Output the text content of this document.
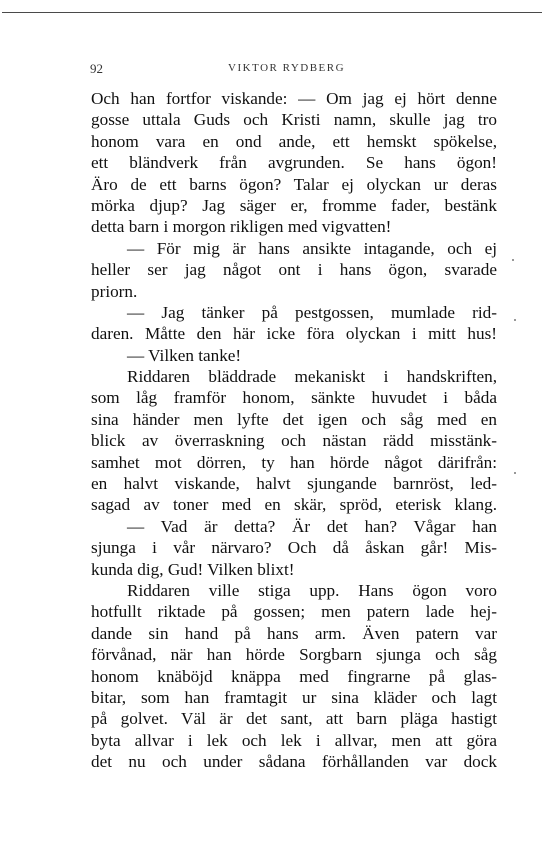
92	VIKTOR RYDBERG
Och han fortfor viskande: — Om jag ej hört denne
gosse uttala Guds och Kristi namn, skulle jag tro
honom vara en ond ande, ett hemskt spökelse,
ett bländverk från avgrunden. Se hans ögon!
Äro de ett barns ögon? Talar ej olyckan ur deras
mörka djup? Jag säger er, fromme fader, bestänk
detta barn i morgon rikligen med vigvatten!
— För mig är hans ansikte intagande, och ej
heller ser jag något ont i hans ögon, svarade
priorn.
— Jag tänker på pestgossen, mumlade rid-
daren. Måtte den här icke föra olyckan i mitt hus!
— Vilken tanke!
Riddaren bläddrade mekaniskt i handskriften,
som låg framför honom, sänkte huvudet i båda
sina händer men lyfte det igen och såg med en
blick av överraskning och nästan rädd misstänk-
samhet mot dörren, ty han hörde något därifrån:
en halvt viskande, halvt sjungande barnröst, led-
sagad av toner med en skär, spröd, eterisk klang.
— Vad är detta? Är det han? Vågar han
sjunga i vår närvaro? Och då åskan går! Mis-
kunda dig, Gud! Vilken blixt!
Riddaren ville stiga upp. Hans ögon voro
hotfullt riktade på gossen; men patern lade hej-
dande sin hand på hans arm. Även patern var
förvånad, när han hörde Sorgbarn sjunga och såg
honom knäböjd knäppa med fingrarne på glas-
bitar, som han framtagit ur sina kläder och lagt
på golvet. Väl är det sant, att barn pläga hastigt
byta allvar i lek och lek i allvar, men att göra
det nu och under sådana förhållanden var dock
